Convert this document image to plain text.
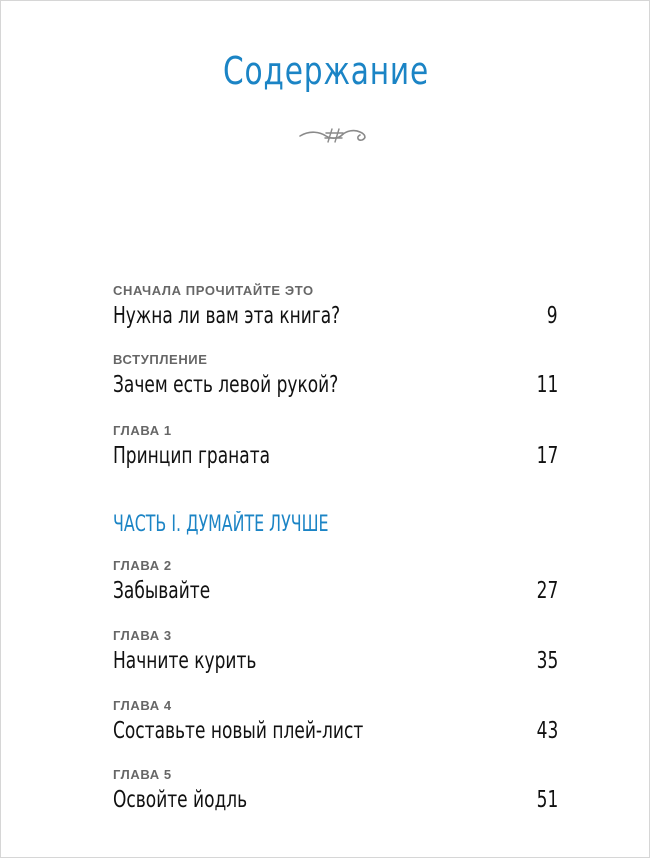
Содержание
СНАЧАЛА ПРОЧИТАЙТЕ ЭТО
Нужна ли вам эта книга?	9
ВСТУПЛЕНИЕ
Зачем есть левой рукой?	11
ГЛАВА 1
Принцип граната	17
ЧАСТЬ I. ДУМАЙТЕ ЛУЧШЕ
ГЛАВА 2
Забывайте	27
ГЛАВА 3
Начните курить	35
ГЛАВА 4
Составьте новый плей-лист	43
ГЛАВА 5
Освойте йодль	51
